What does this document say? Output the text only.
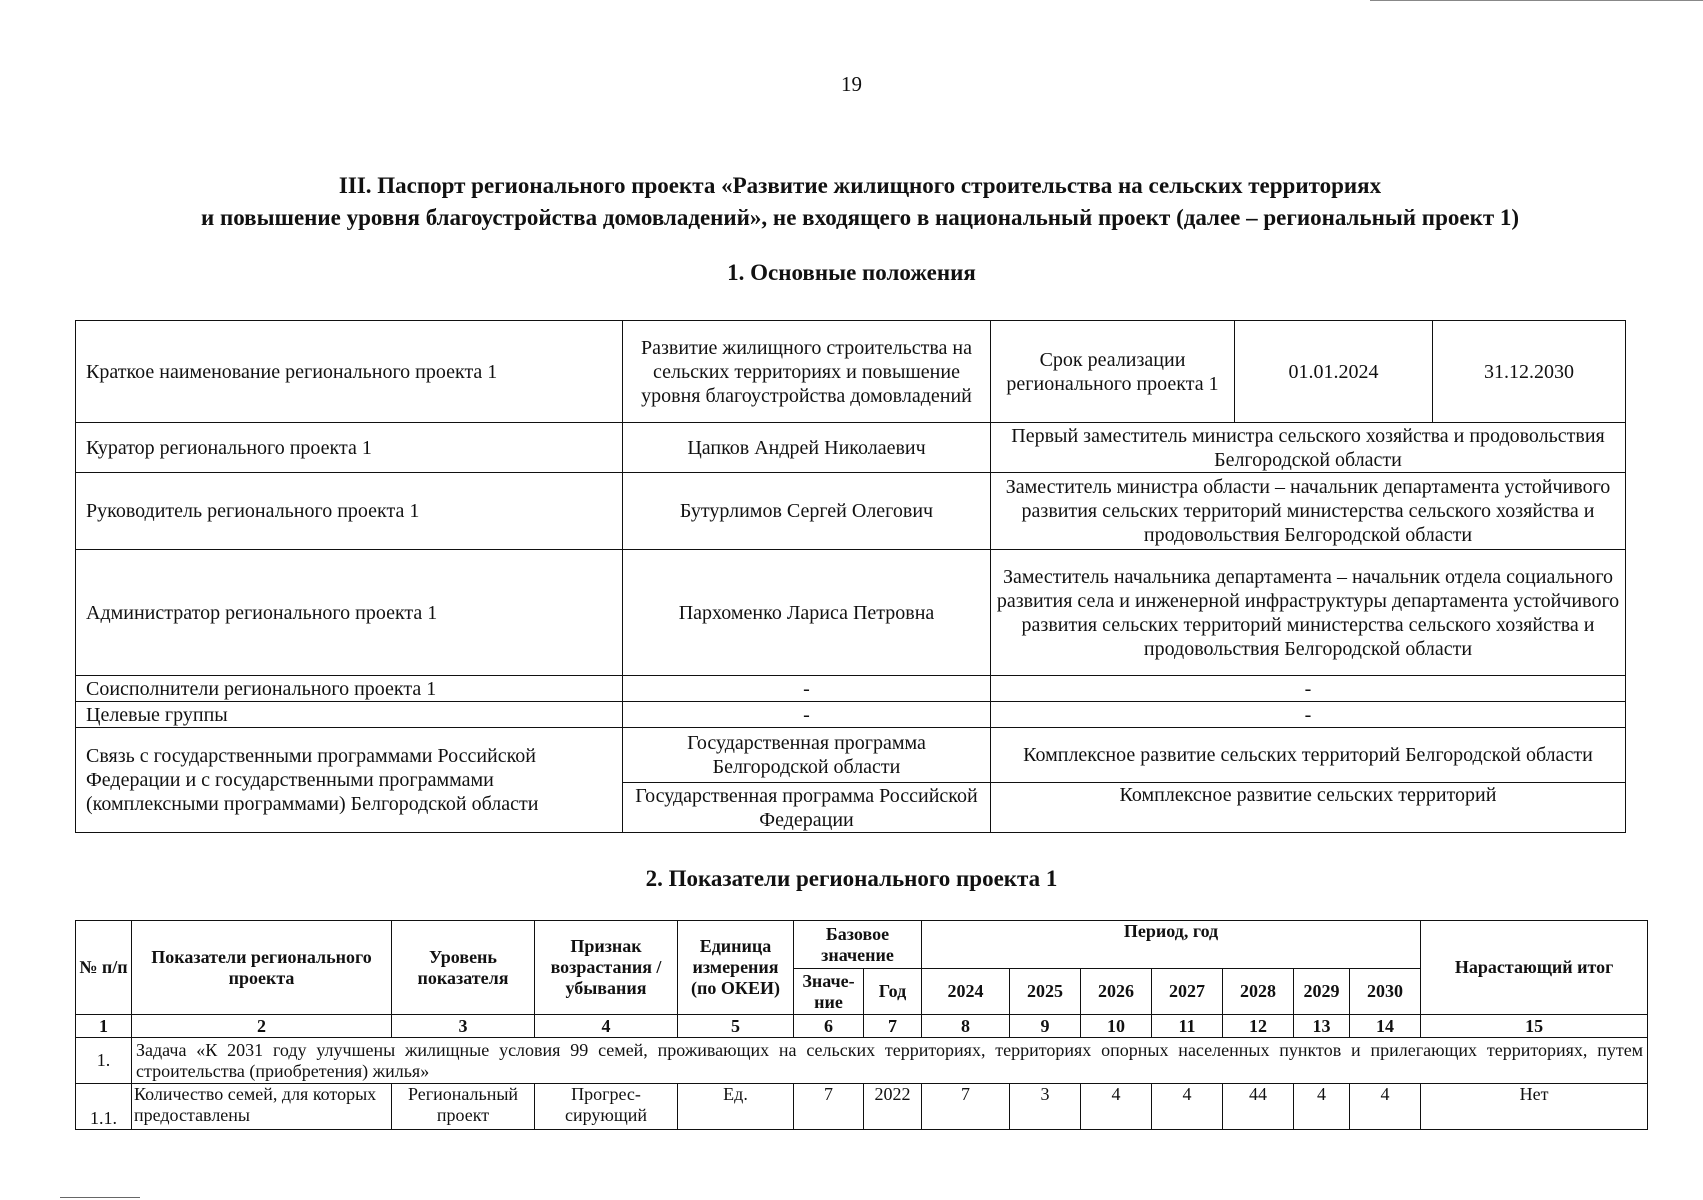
19
III. Паспорт регионального проекта «Развитие жилищного строительства на сельских территориях
и повышение уровня благоустройства домовладений», не входящего в национальный проект (далее – региональный проект 1)
1. Основные положения
Краткое наименование регионального проекта 1	Развитие жилищного строительства на сельских территориях и повышение уровня благоустройства домовладений	Срок реализации регионального проекта 1	01.01.2024	31.12.2030
Куратор регионального проекта 1	Цапков Андрей Николаевич	Первый заместитель министра сельского хозяйства и продовольствия Белгородской области		
Руководитель регионального проекта 1	Бутурлимов Сергей Олегович	Заместитель министра области – начальник департамента устойчивого развития сельских территорий министерства сельского хозяйства и продовольствия Белгородской области		
Администратор регионального проекта 1	Пархоменко Лариса Петровна	Заместитель начальника департамента – начальник отдела социального развития села и инженерной инфраструктуры департамента устойчивого развития сельских территорий министерства сельского хозяйства и продовольствия Белгородской области		
Соисполнители регионального проекта 1	-	-		
Целевые группы	-	-		
Связь с государственными программами Российской Федерации и с государственными программами (комплексными программами) Белгородской области	Государственная программа Белгородской области	Комплексное развитие сельских территорий Белгородской области		
	Государственная программа Российской Федерации	Комплексное развитие сельских территорий		
2. Показатели регионального проекта 1
№ п/п	Показатели регионального проекта	Уровень показателя	Признак возрастания / убывания	Единица измерения (по ОКЕИ)	Базовое значение		Период, год							Нарастающий итог
					Значе-ние	Год	2024	2025	2026	2027	2028	2029	2030	
1	2	3	4	5	6	7	8	9	10	11	12	13	14	15
1.	Задача «К 2031 году улучшены жилищные условия 99 семей, проживающих на сельских территориях, территориях опорных населенных пунктов и прилегающих территориях, путем строительства (приобретения) жилья»													
1.1.	Количество семей, для которых предоставлены	Региональный проект	Прогрес-сирующий	Ед.	7	2022	7	3	4	4	44	4	4	Нет
